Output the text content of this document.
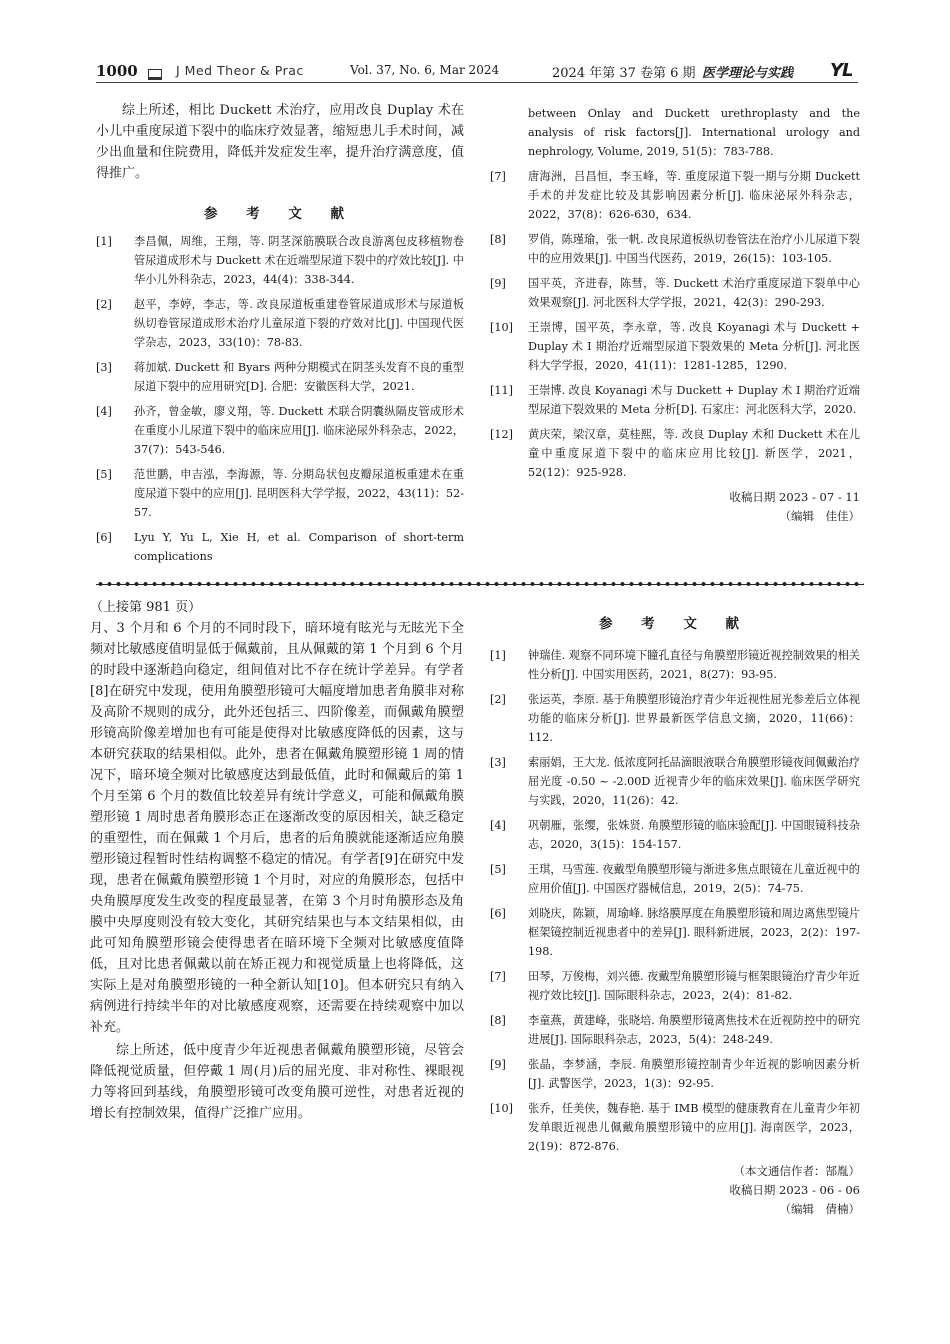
1000	J Med Theor & Prac	Vol. 37, No. 6, Mar 2024	2024 年第 37 卷第 6 期 医学理论与实践 YL

综上所述，相比 Duckett 术治疗，应用改良 Duplay 术在小儿中重度尿道下裂中的临床疗效显著，缩短患儿手术时间，减少出血量和住院费用，降低并发症发生率，提升治疗满意度，值得推广。

参 考 文 献

[1] 李昌佩，周维，王翔，等. 阴茎深筋膜联合改良游离包皮移植物卷管尿道成形术与 Duckett 术在近端型尿道下裂中的疗效比较[J]. 中华小儿外科杂志，2023，44(4)：338-344.
[2] 赵平，李婷，李志，等. 改良尿道板重建卷管尿道成形术与尿道板纵切卷管尿道成形术治疗儿童尿道下裂的疗效对比[J]. 中国现代医学杂志，2023，33(10)：78-83.
[3] 蒋加斌. Duckett 和 Byars 两种分期模式在阴茎头发育不良的重型尿道下裂中的应用研究[D]. 合肥：安徽医科大学，2021.
[4] 孙齐，曾金敏，廖义翔，等. Duckett 术联合阴囊纵隔皮管成形术在重度小儿尿道下裂中的临床应用[J]. 临床泌尿外科杂志，2022，37(7)：543-546.
[5] 范世鹏，申吉泓，李海源，等. 分期岛状包皮瓣尿道板重建术在重度尿道下裂中的应用[J]. 昆明医科大学学报，2022，43(11)：52-57.
[6] Lyu Y, Yu L, Xie H, et al. Comparison of short-term complications
between Onlay and Duckett urethroplasty and the analysis of risk factors[J]. International urology and nephrology, Volume, 2019, 51(5)：783-788.
[7] 唐海洲，吕昌恒，李玉峰，等. 重度尿道下裂一期与分期 Duckett 手术的并发症比较及其影响因素分析[J]. 临床泌尿外科杂志，2022，37(8)：626-630，634.
[8] 罗俏，陈瑾瑜，张一帆. 改良尿道板纵切卷管法在治疗小儿尿道下裂中的应用效果[J]. 中国当代医药，2019，26(15)：103-105.
[9] 国平英，齐进春，陈彗，等. Duckett 术治疗重度尿道下裂单中心效果观察[J]. 河北医科大学学报，2021，42(3)：290-293.
[10] 王崇博，国平英，李永章，等. 改良 Koyanagi 术与 Duckett + Duplay 术 Ⅰ 期治疗近端型尿道下裂效果的 Meta 分析[J]. 河北医科大学学报，2020，41(11)：1281-1285，1290.
[11] 王崇博. 改良 Koyanagi 术与 Duckett + Duplay 术 Ⅰ 期治疗近端型尿道下裂效果的 Meta 分析[D]. 石家庄：河北医科大学，2020.
[12] 黄庆荣，梁汉章，莫桂熙，等. 改良 Duplay 术和 Duckett 术在儿童中重度尿道下裂中的临床应用比较[J]. 新医学，2021，52(12)：925-928.

收稿日期 2023 - 07 - 11

（编辑　佳佳）

（上接第 981 页）

月、3 个月和 6 个月的不同时段下，暗环境有眩光与无眩光下全频对比敏感度值明显低于佩戴前，且从佩戴的第 1 个月到 6 个月的时段中逐渐趋向稳定，组间值对比不存在统计学差异。有学者[8]在研究中发现，使用角膜塑形镜可大幅度增加患者角膜非对称及高阶不规则的成分，此外还包括三、四阶像差，而佩戴角膜塑形镜高阶像差增加也有可能是使得对比敏感度降低的因素，这与本研究获取的结果相似。此外，患者在佩戴角膜塑形镜 1 周的情况下，暗环境全频对比敏感度达到最低值，此时和佩戴后的第 1 个月至第 6 个月的数值比较差异有统计学意义，可能和佩戴角膜塑形镜 1 周时患者角膜形态正在逐渐改变的原因相关，缺乏稳定的重塑性，而在佩戴 1 个月后，患者的后角膜就能逐渐适应角膜塑形镜过程暂时性结构调整不稳定的情况。有学者[9]在研究中发现，患者在佩戴角膜塑形镜 1 个月时，对应的角膜形态，包括中央角膜厚度发生改变的程度最显著，在第 3 个月时角膜形态及角膜中央厚度则没有较大变化，其研究结果也与本文结果相似，由此可知角膜塑形镜会使得患者在暗环境下全频对比敏感度值降低，且对比患者佩戴以前在矫正视力和视觉质量上也将降低，这实际上是对角膜塑形镜的一种全新认知[10]。但本研究只有纳入病例进行持续半年的对比敏感度观察，还需要在持续观察中加以补充。

综上所述，低中度青少年近视患者佩戴角膜塑形镜，尽管会降低视觉质量，但停戴 1 周(月)后的屈光度、非对称性、裸眼视力等将回到基线，角膜塑形镜可改变角膜可逆性，对患者近视的增长有控制效果，值得广泛推广应用。

参 考 文 献

[1] 钟瑞佳. 观察不同环境下瞳孔直径与角膜塑形镜近视控制效果的相关性分析[J]. 中国实用医药，2021，8(27)：93-95.
[2] 张运英，李原. 基于角膜塑形镜治疗青少年近视性屈光参差后立体视功能的临床分析[J]. 世界最新医学信息文摘，2020，11(66)：112.
[3] 索丽娟，王大龙. 低浓度阿托品滴眼液联合角膜塑形镜夜间佩戴治疗屈光度 -0.50 ~ -2.00D 近视青少年的临床效果[J]. 临床医学研究与实践，2020，11(26)：42.
[4] 巩朝雁，张缨，张姝贤. 角膜塑形镜的临床验配[J]. 中国眼镜科技杂志，2020，3(15)：154-157.
[5] 王琪，马雪莲. 夜戴型角膜塑形镜与渐进多焦点眼镜在儿童近视中的应用价值[J]. 中国医疗器械信息，2019，2(5)：74-75.
[6] 刘晓庆，陈颖，周瑜峰. 脉络膜厚度在角膜塑形镜和周边离焦型镜片框架镜控制近视患者中的差异[J]. 眼科新进展，2023，2(2)：197-198.
[7] 田琴，万俊梅，刘兴德. 夜戴型角膜塑形镜与框架眼镜治疗青少年近视疗效比较[J]. 国际眼科杂志，2023，2(4)：81-82.
[8] 李童燕，黄建峰，张晓培. 角膜塑形镜离焦技术在近视防控中的研究进展[J]. 国际眼科杂志，2023，5(4)：248-249.
[9] 张晶，李梦涵，李辰. 角膜塑形镜控制青少年近视的影响因素分析[J]. 武警医学，2023，1(3)：92-95.
[10] 张乔，任美侠，魏春艳. 基于 IMB 模型的健康教育在儿童青少年初发单眼近视患儿佩戴角膜塑形镜中的应用[J]. 海南医学，2023，2(19)：872-876.

（本文通信作者：郜胤）

收稿日期 2023 - 06 - 06

（编辑　倩楠）
